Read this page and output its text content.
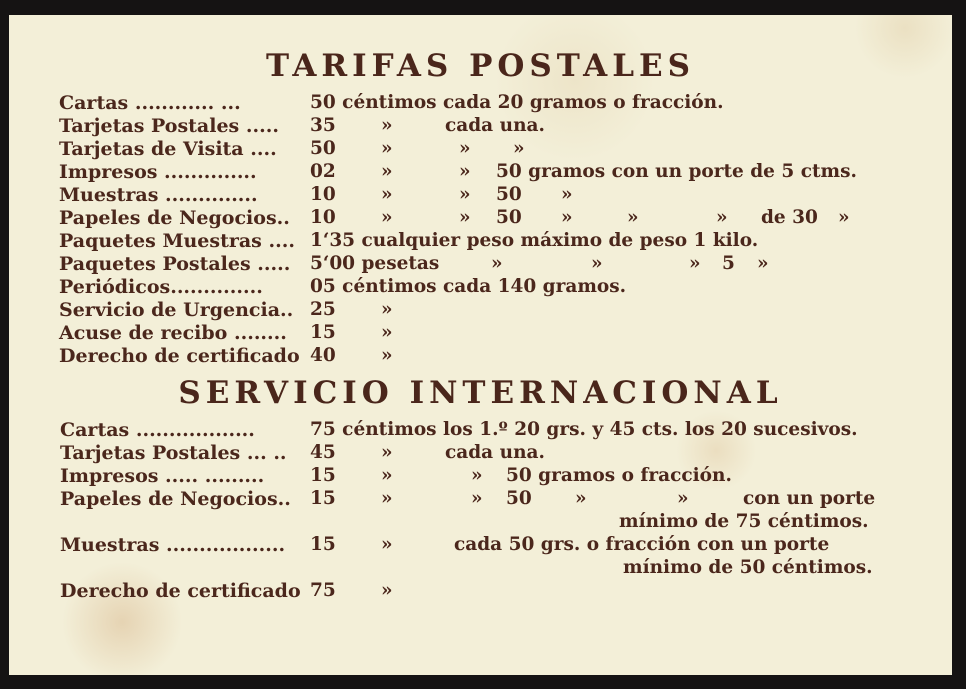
TARIFAS POSTALES
Cartas ............ ...	50 céntimos cada 20 gramos o fracción.
Tarjetas Postales ..... 35 »	cada una.
Tarjetas de Visita .... 50 »	» »
Impresos ..............	02 »	» 50 gramos con un porte de 5 ctms.
Muestras ..............	10 »	» 50 »
Papeles de Negocios.. 10 »	» 50 »	»	» de 30 »
Paquetes Muestras .... 1‘35 cualquier peso máximo de peso 1 kilo.
Paquetes Postales ..... 5‘00 pesetas	»	»	» 5 »
Periódicos..............	05 céntimos cada 140 gramos.
Servicio de Urgencia.. 25 »
Acuse de recibo ........ 15 »
Derecho de certificado 40 »
SERVICIO INTERNACIONAL
Cartas ..................	75 céntimos los 1.º 20 grs. y 45 cts. los 20 sucesivos.
Tarjetas Postales ... .. 45 »	cada una.
Impresos ..... ......... 15 »	» 50 gramos o fracción.
Papeles de Negocios.. 15 »	» 50 »	»	con un porte
mínimo de 75 céntimos.
Muestras .................. 15 »	cada 50 grs. o fracción con un porte
mínimo de 50 céntimos.
Derecho de certificado 75 »
